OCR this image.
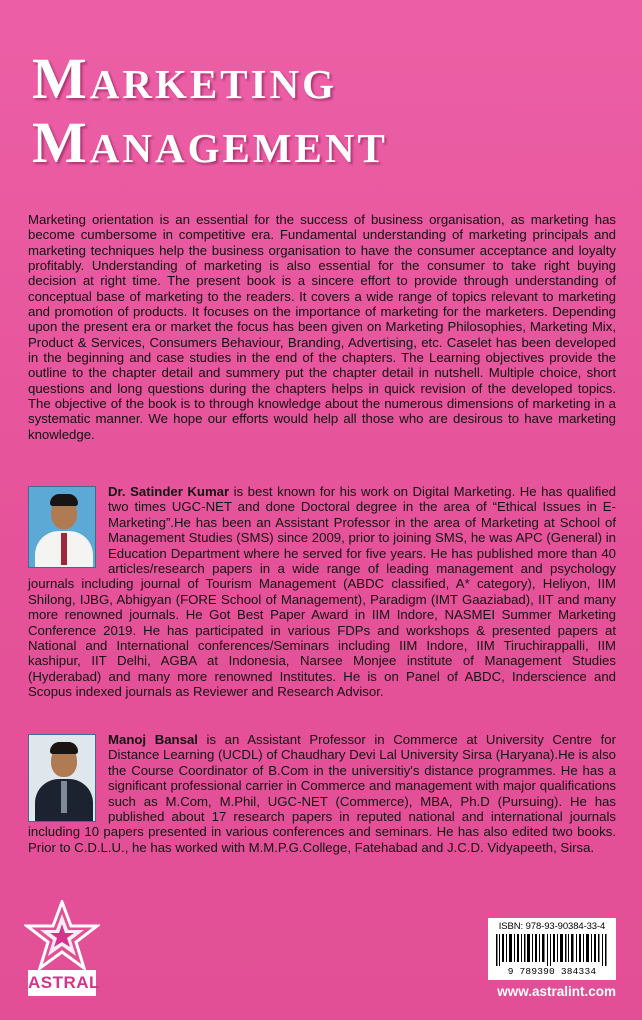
Marketing
Management

Marketing orientation is an essential for the success of business organisation, as marketing has become cumbersome in competitive era. Fundamental understanding of marketing principals and marketing techniques help the business organisation to have the consumer acceptance and loyalty profitably. Understanding of marketing is also essential for the consumer to take right buying decision at right time. The present book is a sincere effort to provide through understanding of conceptual base of marketing to the readers. It covers a wide range of topics relevant to marketing and promotion of products. It focuses on the importance of marketing for the marketers. Depending upon the present era or market the focus has been given on Marketing Philosophies, Marketing Mix, Product & Services, Consumers Behaviour, Branding, Advertising, etc. Caselet has been developed in the beginning and case studies in the end of the chapters. The Learning objectives provide the outline to the chapter detail and summery put the chapter detail in nutshell. Multiple choice, short questions and long questions during the chapters helps in quick revision of the developed topics. The objective of the book is to through knowledge about the numerous dimensions of marketing in a systematic manner. We hope our efforts would help all those who are desirous to have marketing knowledge.

Dr. Satinder Kumar is best known for his work on Digital Marketing. He has qualified two times UGC-NET and done Doctoral degree in the area of “Ethical Issues in E-Marketing”.He has been an Assistant Professor in the area of Marketing at School of Management Studies (SMS) since 2009, prior to joining SMS, he was APC (General) in Education Department where he served for five years. He has published more than 40 articles/research papers in a wide range of leading management and psychology journals including journal of Tourism Management (ABDC classified, A* category), Heliyon, IIM Shilong, IJBG, Abhigyan (FORE School of Management), Paradigm (IMT Gaaziabad), IIT and many more renowned journals. He Got Best Paper Award in IIM Indore, NASMEI Summer Marketing Conference 2019. He has participated in various FDPs and workshops & presented papers at National and International conferences/Seminars including IIM Indore, IIM Tiruchirappalli, IIM kashipur, IIT Delhi, AGBA at Indonesia, Narsee Monjee institute of Management Studies (Hyderabad) and many more renowned Institutes. He is on Panel of ABDC, Inderscience and Scopus indexed journals as Reviewer and Research Advisor.
Manoj Bansal is an Assistant Professor in Commerce at University Centre for Distance Learning (UCDL) of Chaudhary Devi Lal University Sirsa (Haryana).He is also the Course Coordinator of B.Com in the universitiy's distance programmes. He has a significant professional carrier in Commerce and management with major qualifications such as M.Com, M.Phil, UGC-NET (Commerce), MBA, Ph.D (Pursuing). He has published about 17 research papers in reputed national and international journals including 10 papers presented in various conferences and seminars. He has also edited two books. Prior to C.D.L.U., he has worked with M.M.P.G.College, Fatehabad and J.C.D. Vidyapeeth, Sirsa.
ASTRAL
ISBN: 978-93-90384-33-4
9 789390 384334
www.astralint.com
